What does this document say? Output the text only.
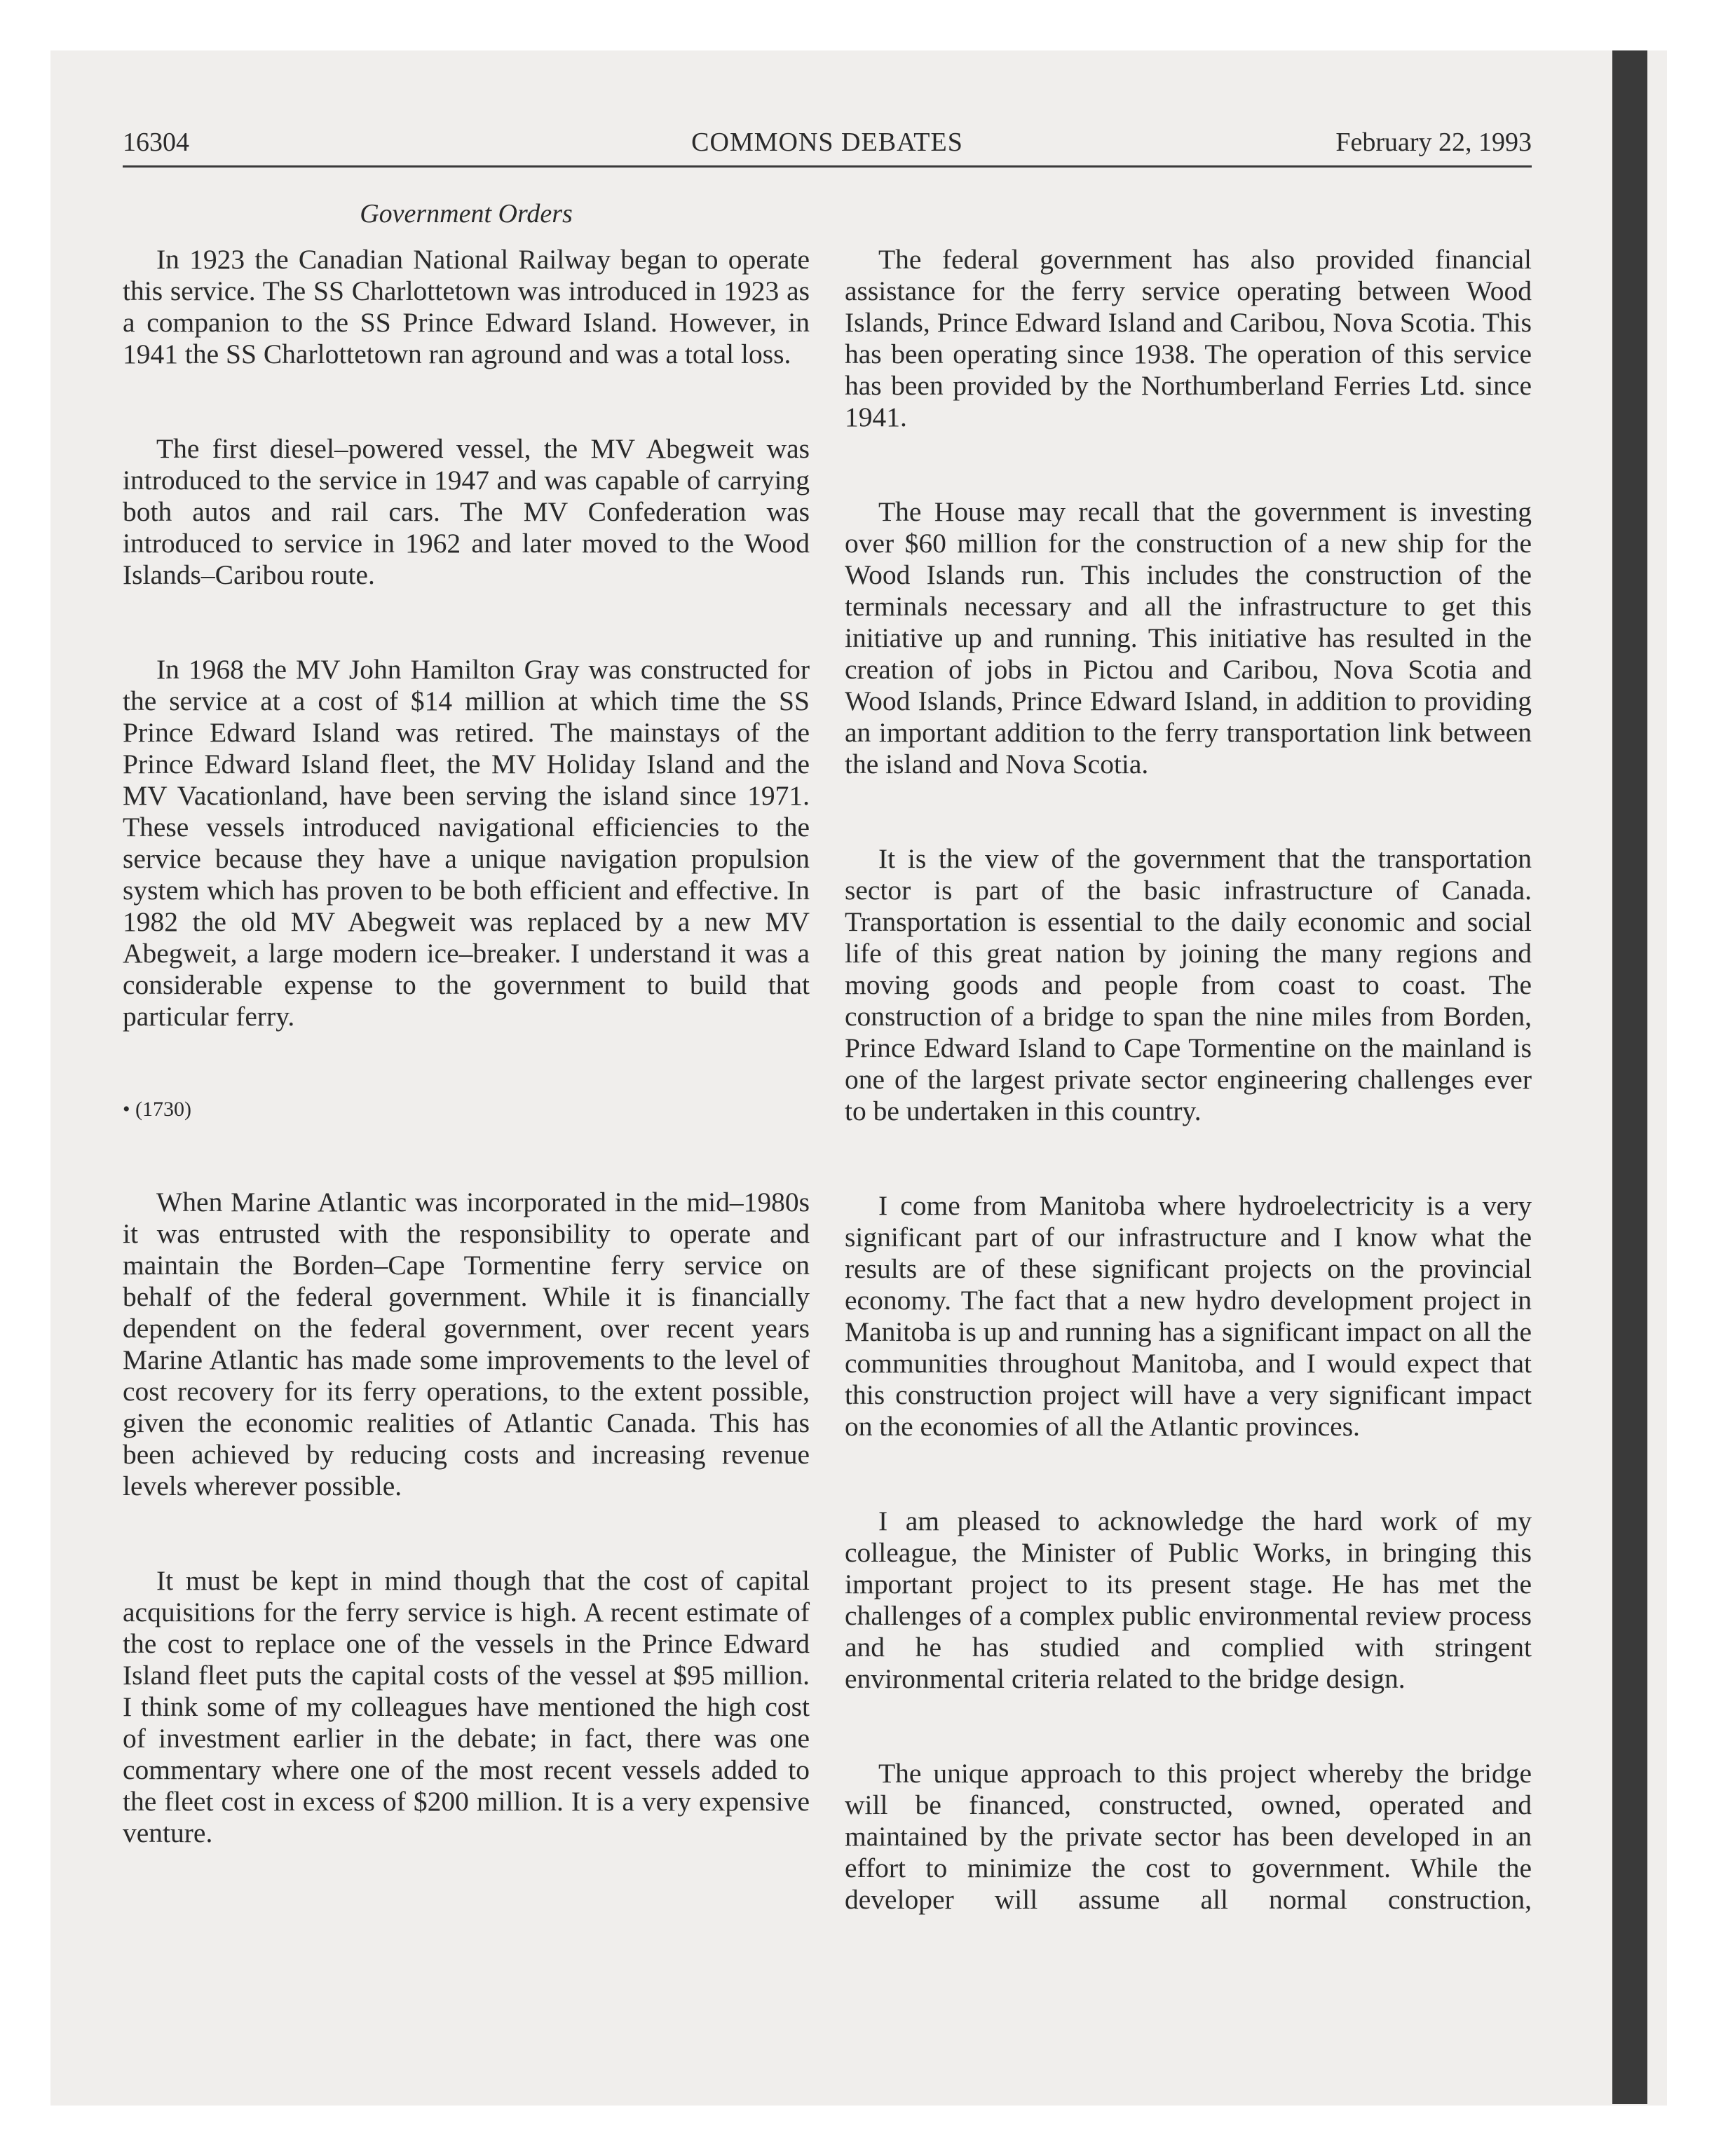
16304	COMMONS DEBATES	February 22, 1993
Government Orders

In 1923 the Canadian National Railway began to operate this service. The SS Charlottetown was introduced in 1923 as a companion to the SS Prince Edward Island. However, in 1941 the SS Charlottetown ran aground and was a total loss.

The first diesel–powered vessel, the MV Abegweit was introduced to the service in 1947 and was capable of carrying both autos and rail cars. The MV Confederation was introduced to service in 1962 and later moved to the Wood Islands–Caribou route.

In 1968 the MV John Hamilton Gray was constructed for the service at a cost of $14 million at which time the SS Prince Edward Island was retired. The mainstays of the Prince Edward Island fleet, the MV Holiday Island and the MV Vacationland, have been serving the island since 1971. These vessels introduced navigational efficiencies to the service because they have a unique navigation propulsion system which has proven to be both efficient and effective. In 1982 the old MV Abegweit was replaced by a new MV Abegweit, a large modern ice–breaker. I understand it was a considerable expense to the government to build that particular ferry.

• (1730)

When Marine Atlantic was incorporated in the mid–1980s it was entrusted with the responsibility to operate and maintain the Borden–Cape Tormentine ferry service on behalf of the federal government. While it is financially dependent on the federal government, over recent years Marine Atlantic has made some improvements to the level of cost recovery for its ferry operations, to the extent possible, given the economic realities of Atlantic Canada. This has been achieved by reducing costs and increasing revenue levels wherever possible.

It must be kept in mind though that the cost of capital acquisitions for the ferry service is high. A recent estimate of the cost to replace one of the vessels in the Prince Edward Island fleet puts the capital costs of the vessel at $95 million. I think some of my colleagues have mentioned the high cost of investment earlier in the debate; in fact, there was one commentary where one of the most recent vessels added to the fleet cost in excess of $200 million. It is a very expensive venture.

The federal government has also provided financial assistance for the ferry service operating between Wood Islands, Prince Edward Island and Caribou, Nova Scotia. This has been operating since 1938. The operation of this service has been provided by the Northumberland Ferries Ltd. since 1941.

The House may recall that the government is investing over $60 million for the construction of a new ship for the Wood Islands run. This includes the construction of the terminals necessary and all the infrastructure to get this initiative up and running. This initiative has resulted in the creation of jobs in Pictou and Caribou, Nova Scotia and Wood Islands, Prince Edward Island, in addition to providing an important addition to the ferry transportation link between the island and Nova Scotia.

It is the view of the government that the transportation sector is part of the basic infrastructure of Canada. Transportation is essential to the daily economic and social life of this great nation by joining the many regions and moving goods and people from coast to coast. The construction of a bridge to span the nine miles from Borden, Prince Edward Island to Cape Tormentine on the mainland is one of the largest private sector engineering challenges ever to be undertaken in this country.

I come from Manitoba where hydroelectricity is a very significant part of our infrastructure and I know what the results are of these significant projects on the provincial economy. The fact that a new hydro development project in Manitoba is up and running has a significant impact on all the communities throughout Manitoba, and I would expect that this construction project will have a very significant impact on the economies of all the Atlantic provinces.

I am pleased to acknowledge the hard work of my colleague, the Minister of Public Works, in bringing this important project to its present stage. He has met the challenges of a complex public environmental review process and he has studied and complied with stringent environmental criteria related to the bridge design.

The unique approach to this project whereby the bridge will be financed, constructed, owned, operated and maintained by the private sector has been developed in an effort to minimize the cost to government. While the developer will assume all normal construction,
